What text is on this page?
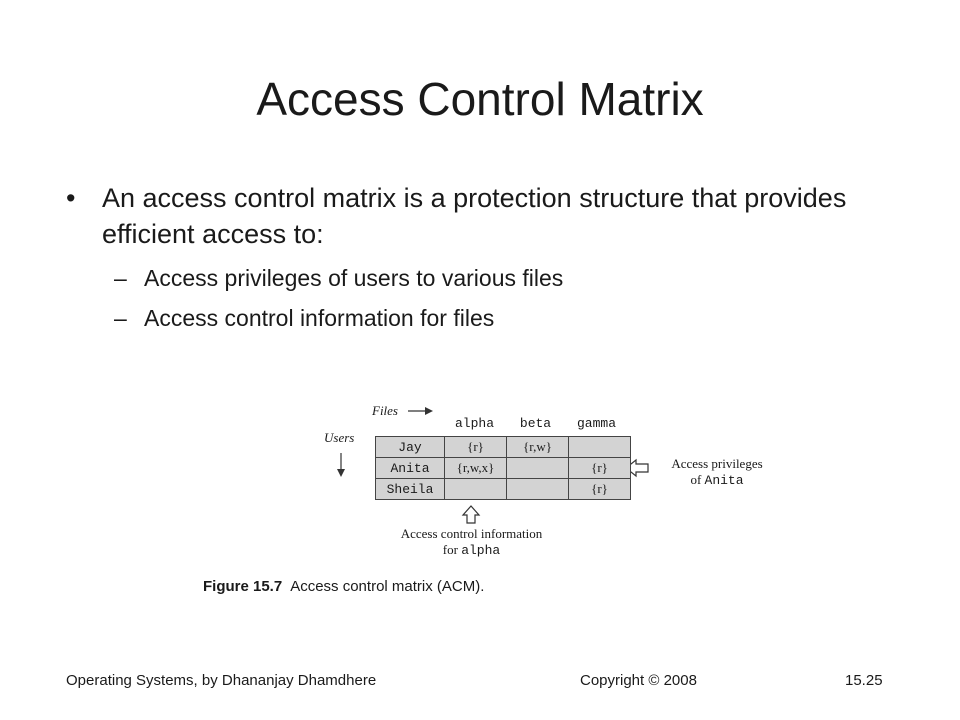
Access Control Matrix
• An access control matrix is a protection structure that provides efficient access to:
– Access privileges of users to various files
– Access control information for files
Files
Users
alpha	beta	gamma
Jay	{r}	{r,w}	
Anita	{r,w,x}		{r}
Sheila			{r}
Access privileges
of Anita
Access control information
for alpha
Figure 15.7 Access control matrix (ACM).
Operating Systems, by Dhananjay Dhamdhere	Copyright © 2008	15.25
